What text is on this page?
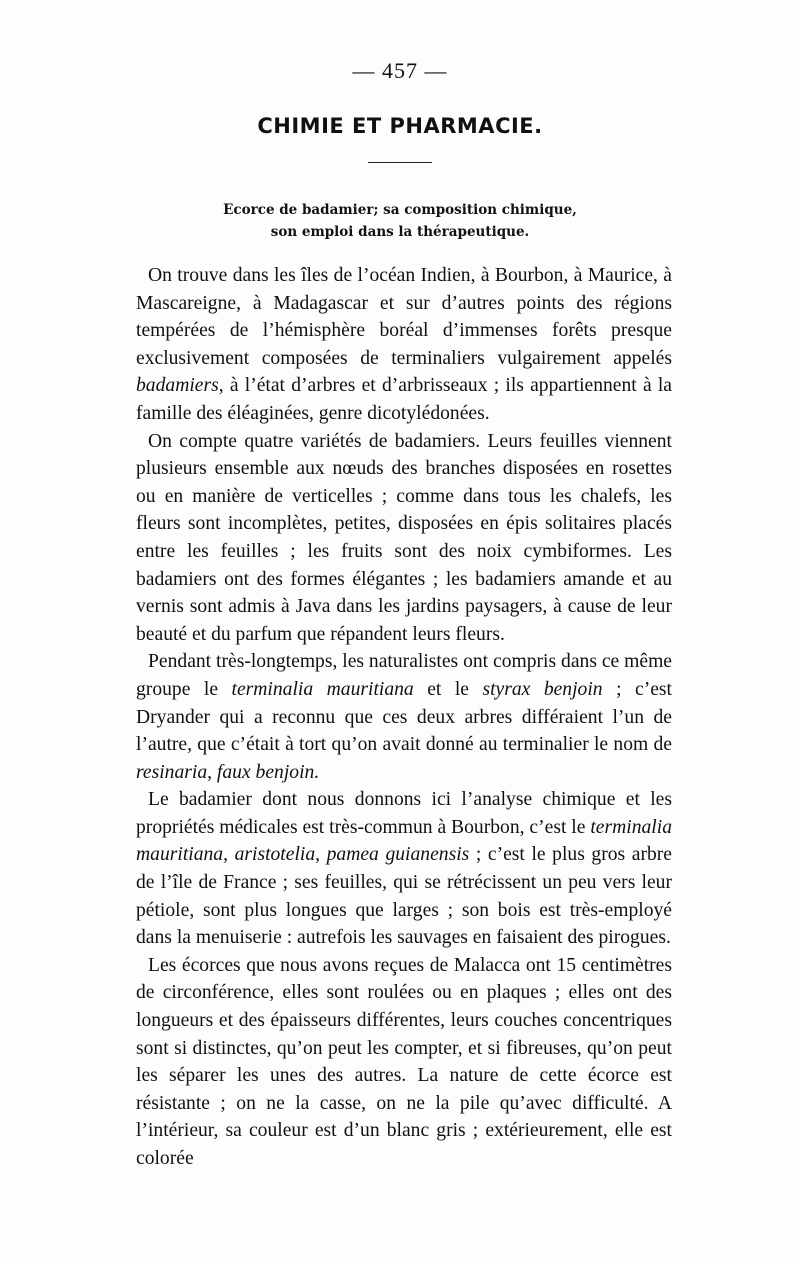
— 457 —
CHIMIE ET PHARMACIE.
Ecorce de badamier; sa composition chimique,
son emploi dans la thérapeutique.

On trouve dans les îles de l’océan Indien, à Bourbon, à Maurice, à Mascareigne, à Madagascar et sur d’autres points des régions tempérées de l’hémisphère boréal d’immenses forêts presque exclusivement composées de terminaliers vulgairement appelés badamiers, à l’état d’arbres et d’arbrisseaux ; ils appartiennent à la famille des éléaginées, genre dicotylédonées.

On compte quatre variétés de badamiers. Leurs feuilles viennent plusieurs ensemble aux nœuds des branches disposées en rosettes ou en manière de verticelles ; comme dans tous les chalefs, les fleurs sont incomplètes, petites, disposées en épis solitaires placés entre les feuilles ; les fruits sont des noix cymbiformes. Les badamiers ont des formes élégantes ; les badamiers amande et au vernis sont admis à Java dans les jardins paysagers, à cause de leur beauté et du parfum que répandent leurs fleurs.

Pendant très-longtemps, les naturalistes ont compris dans ce même groupe le terminalia mauritiana et le styrax benjoin ; c’est Dryander qui a reconnu que ces deux arbres différaient l’un de l’autre, que c’était à tort qu’on avait donné au terminalier le nom de resinaria, faux benjoin.

Le badamier dont nous donnons ici l’analyse chimique et les propriétés médicales est très-commun à Bourbon, c’est le terminalia mauritiana, aristotelia, pamea guianensis ; c’est le plus gros arbre de l’île de France ; ses feuilles, qui se rétrécissent un peu vers leur pétiole, sont plus longues que larges ; son bois est très-employé dans la menuiserie : autrefois les sauvages en faisaient des pirogues.

Les écorces que nous avons reçues de Malacca ont 15 centimètres de circonférence, elles sont roulées ou en plaques ; elles ont des longueurs et des épaisseurs différentes, leurs couches concentriques sont si distinctes, qu’on peut les compter, et si fibreuses, qu’on peut les séparer les unes des autres. La nature de cette écorce est résistante ; on ne la casse, on ne la pile qu’avec difficulté. A l’intérieur, sa couleur est d’un blanc gris ; extérieurement, elle est colorée
